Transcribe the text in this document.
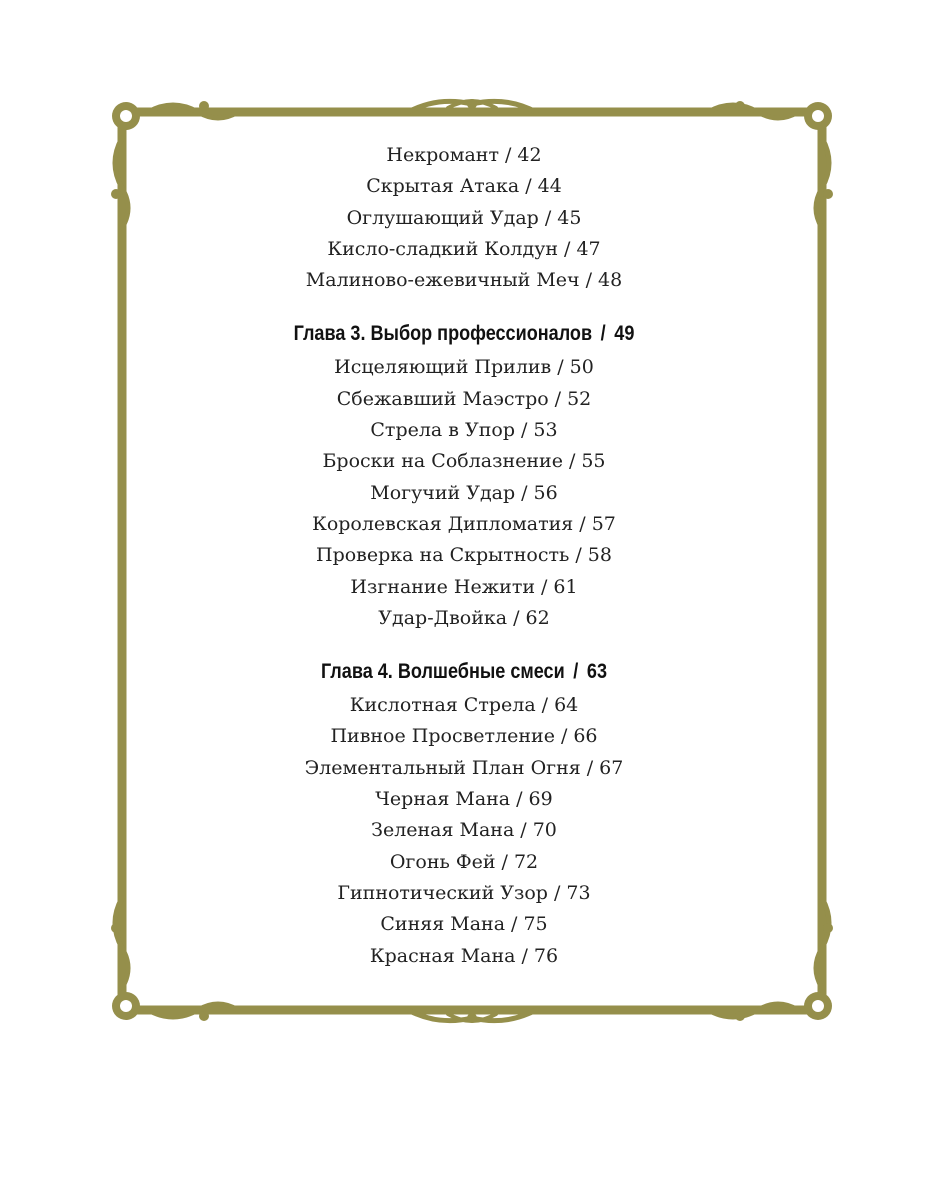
Некромант / 42
Скрытая Атака / 44
Оглушающий Удар / 45
Кисло-сладкий Колдун / 47
Малиново-ежевичный Меч / 48
Глава 3. Выбор профессионалов / 49
Исцеляющий Прилив / 50
Сбежавший Маэстро / 52
Стрела в Упор / 53
Броски на Соблазнение / 55
Могучий Удар / 56
Королевская Дипломатия / 57
Проверка на Скрытность / 58
Изгнание Нежити / 61
Удар-Двойка / 62
Глава 4. Волшебные смеси / 63
Кислотная Стрела / 64
Пивное Просветление / 66
Элементальный План Огня / 67
Черная Мана / 69
Зеленая Мана / 70
Огонь Фей / 72
Гипнотический Узор / 73
Синяя Мана / 75
Красная Мана / 76
